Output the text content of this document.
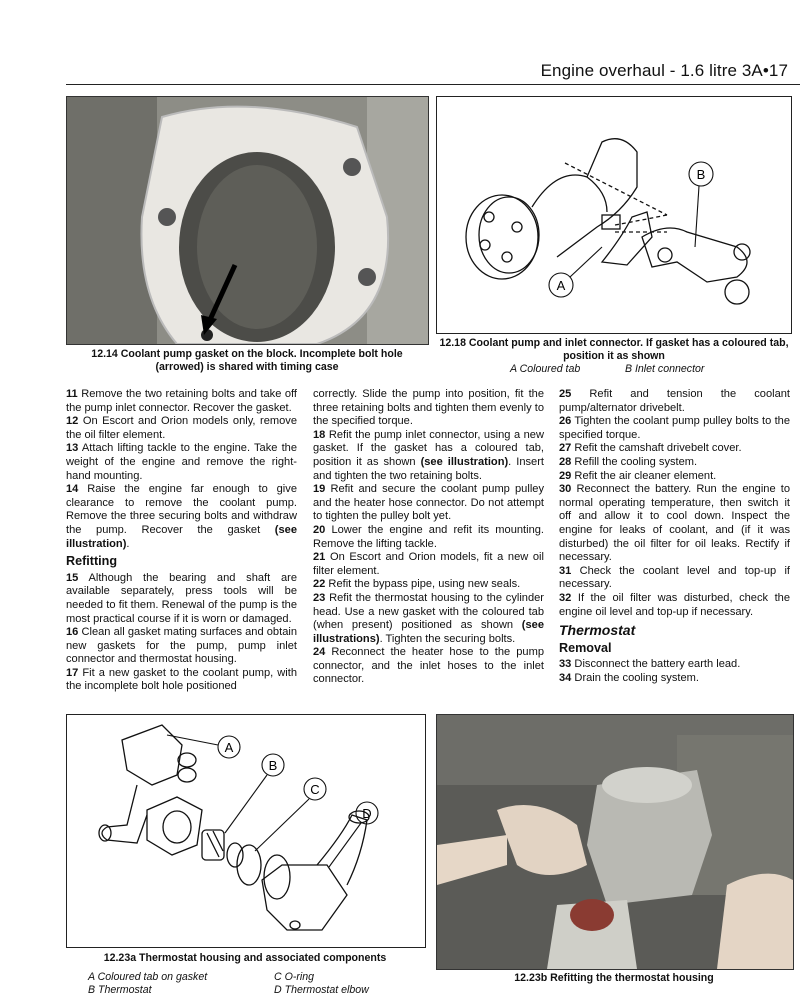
Engine overhaul - 1.6 litre 3A•17
12.14 Coolant pump gasket on the block. Incomplete bolt hole (arrowed) is shared with timing case
B
A
12.18 Coolant pump and inlet connector. If gasket has a coloured tab, position it as shown
A Coloured tab	B Inlet connector

11 Remove the two retaining bolts and take off the pump inlet connector. Recover the gasket.

12 On Escort and Orion models only, remove the oil filter element.

13 Attach lifting tackle to the engine. Take the weight of the engine and remove the right-hand mounting.

14 Raise the engine far enough to give clearance to remove the coolant pump. Remove the three securing bolts and withdraw the pump. Recover the gasket (see illustration).

Refitting

15 Although the bearing and shaft are available separately, press tools will be needed to fit them. Renewal of the pump is the most practical course if it is worn or damaged.

16 Clean all gasket mating surfaces and obtain new gaskets for the pump, pump inlet connector and thermostat housing.

17 Fit a new gasket to the coolant pump, with the incomplete bolt hole positioned

correctly. Slide the pump into position, fit the three retaining bolts and tighten them evenly to the specified torque.

18 Refit the pump inlet connector, using a new gasket. If the gasket has a coloured tab, position it as shown (see illustration). Insert and tighten the two retaining bolts.

19 Refit and secure the coolant pump pulley and the heater hose connector. Do not attempt to tighten the pulley bolt yet.

20 Lower the engine and refit its mounting. Remove the lifting tackle.

21 On Escort and Orion models, fit a new oil filter element.

22 Refit the bypass pipe, using new seals.

23 Refit the thermostat housing to the cylinder head. Use a new gasket with the coloured tab (when present) positioned as shown (see illustrations). Tighten the securing bolts.

24 Reconnect the heater hose to the pump connector, and the inlet hoses to the inlet connector.

25 Refit and tension the coolant pump/alternator drivebelt.

26 Tighten the coolant pump pulley bolts to the specified torque.

27 Refit the camshaft drivebelt cover.

28 Refill the cooling system.

29 Refit the air cleaner element.

30 Reconnect the battery. Run the engine to normal operating temperature, then switch it off and allow it to cool down. Inspect the engine for leaks of coolant, and (if it was disturbed) the oil filter for oil leaks. Rectify if necessary.

31 Check the coolant level and top-up if necessary.

32 If the oil filter was disturbed, check the engine oil level and top-up if necessary.

Thermostat
Removal

33 Disconnect the battery earth lead.

34 Drain the cooling system.

A
B
C
D
12.23a Thermostat housing and associated components
A Coloured tab on gasket	C O-ring
B Thermostat	D Thermostat elbow
12.23b Refitting the thermostat housing
